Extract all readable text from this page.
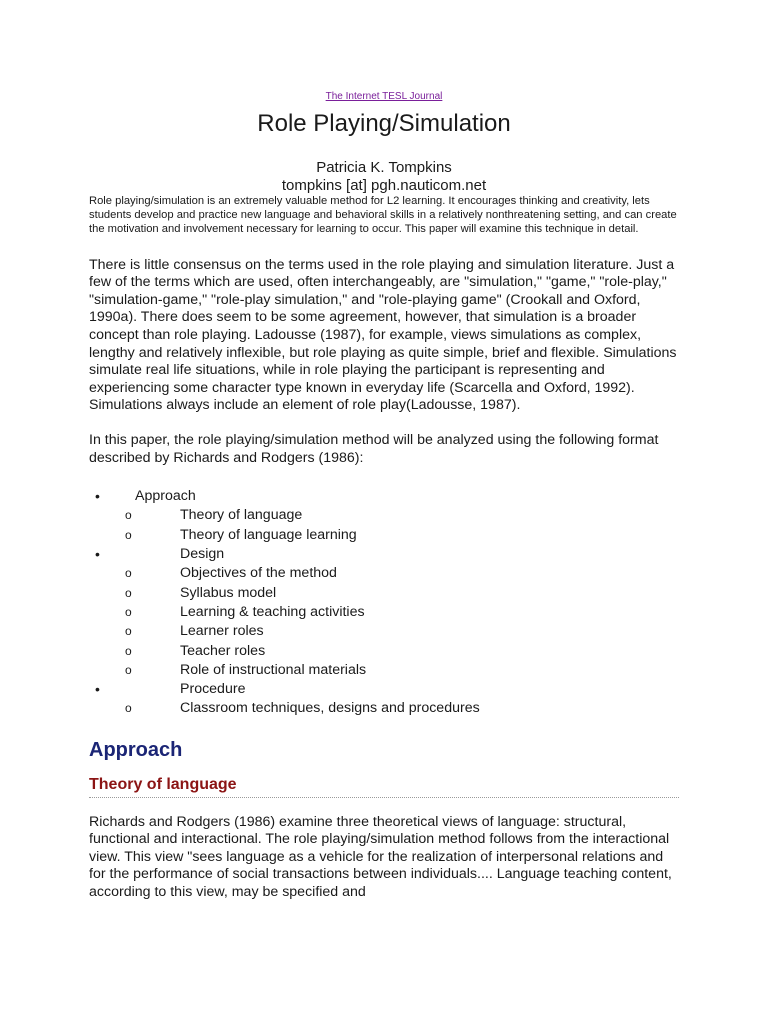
The Internet TESL Journal
Role Playing/Simulation

Patricia K. Tompkins

tompkins [at] pgh.nauticom.net

Role playing/simulation is an extremely valuable method for L2 learning. It encourages thinking and creativity, lets students develop and practice new language and behavioral skills in a relatively nonthreatening setting, and can create the motivation and involvement necessary for learning to occur. This paper will examine this technique in detail.

There is little consensus on the terms used in the role playing and simulation literature. Just a few of the terms which are used, often interchangeably, are "simulation," "game," "role-play," "simulation-game," "role-play simulation," and "role-playing game" (Crookall and Oxford, 1990a). There does seem to be some agreement, however, that simulation is a broader concept than role playing. Ladousse (1987), for example, views simulations as complex, lengthy and relatively inflexible, but role playing as quite simple, brief and flexible. Simulations simulate real life situations, while in role playing the participant is representing and experiencing some character type known in everyday life (Scarcella and Oxford, 1992). Simulations always include an element of role play(Ladousse, 1987).

In this paper, the role playing/simulation method will be analyzed using the following format described by Richards and Rodgers (1986):

• Approach
o	Theory of language
o	Theory of language learning
•	Design
o	Objectives of the method
o	Syllabus model
o	Learning & teaching activities
o	Learner roles
o	Teacher roles
o	Role of instructional materials
•	Procedure
o	Classroom techniques, designs and procedures
Approach
Theory of language

Richards and Rodgers (1986) examine three theoretical views of language: structural, functional and interactional. The role playing/simulation method follows from the interactional view. This view "sees language as a vehicle for the realization of interpersonal relations and for the performance of social transactions between individuals.... Language teaching content, according to this view, may be specified and
